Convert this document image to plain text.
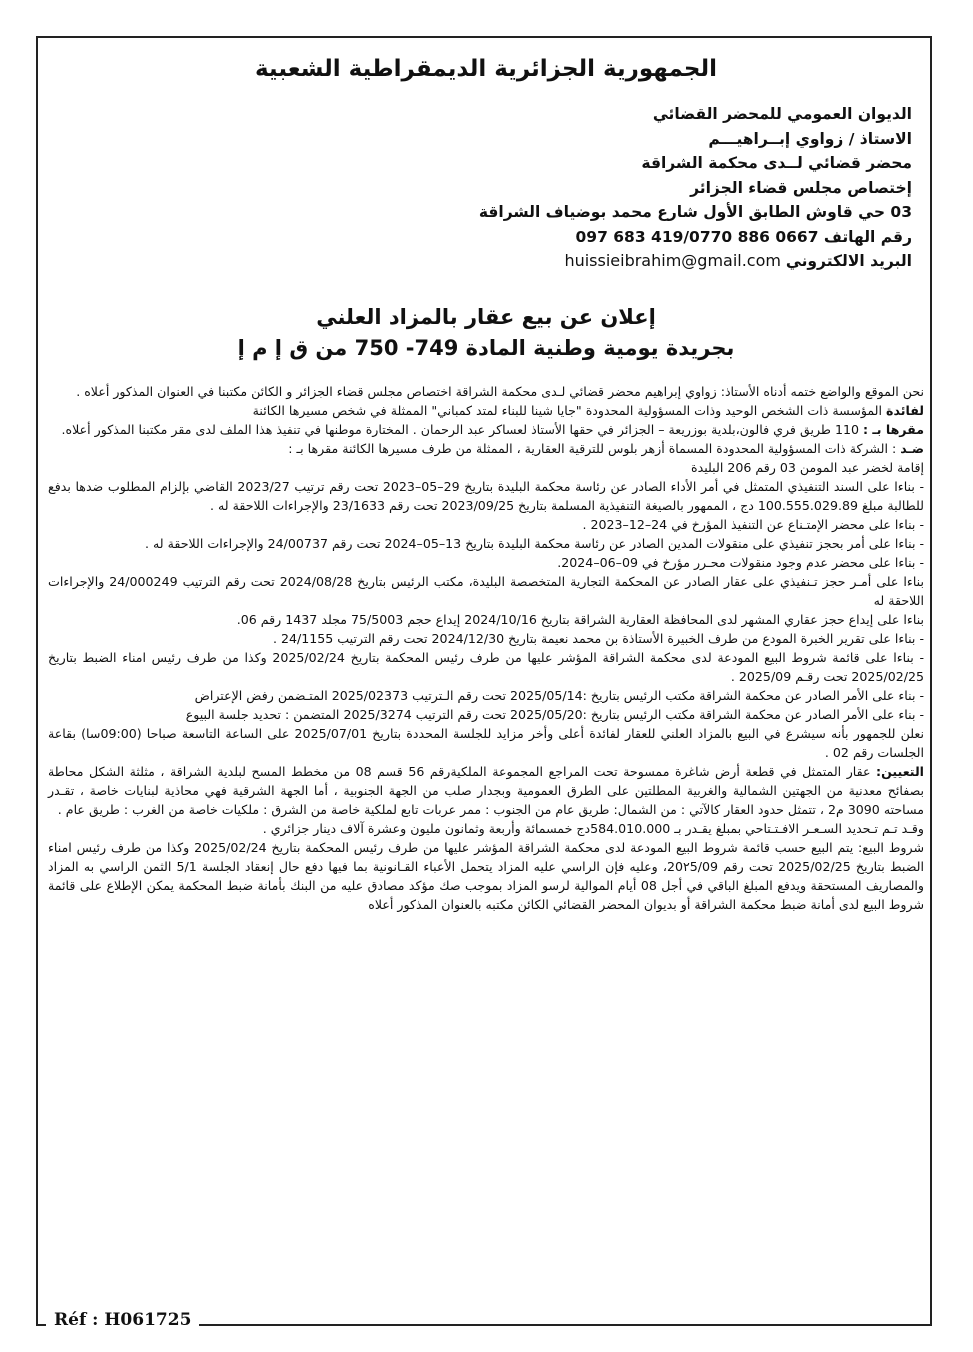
الجمهورية الجزائرية الديمقراطية الشعبية
الديوان العمومي للمحضر القضائي
الاستاذ / زواوي إبــراهيـــم
محضر قضائي لــدى محكمة الشراقة
إختصاص مجلس قضاء الجزائر
03 حي قاوش الطابق الأول شارع محمد بوضياف الشراقة
رقم الهاتف 0667 886 419/0770 683 097
البريد الالكتروني huissieibrahim@gmail.com
إعلان عن بيع عقار بالمزاد العلني
بجريدة يومية وطنية المادة 749- 750 من ق إ م إ

نحن الموقع والواضع ختمه أدناه الأستاذ: زواوي إبراهيم محضر قضائي لـدى محكمة الشراقة اختصاص مجلس قضاء الجزائر و الكائن مكتبنا في العنوان المذكور أعلاه .

لفائدة المؤسسة ذات الشخص الوحيد وذات المسؤولية المحدودة "جايا شينا للبناء لمتد كمباني" الممثلة في شخص مسيرها الكائنة

مقرها بـ : 110 طريق فري فالون،بلدية بوزريعة – الجزائر في حقها الأستاذ لعساكر عبد الرحمان . المختارة موطنها في تنفيذ هذا الملف لدى مقر مكتبنا المذكور أعلاه.

ضـد : الشركة ذات المسؤولية المحدودة المسماة أزهر بلوس للترقية العقارية ، الممثلة من طرف مسيرها الكائنة مقرها بـ :

إقامة لخضر عبد المومن 03 رقم 206 البليدة

- بناءا على السند التنفيذي المتمثل في أمر الأداء الصادر عن رئاسة محكمة البليدة بتاريخ 29–05–2023 تحت رقم ترتيب 2023/27 القاضي بإلزام المطلوب ضدها بدفع للطالبة مبلغ 100.555.029.89 دج ، الممهور بالصيغة التنفيذية المسلمة بتاريخ 2023/09/25 تحت رقم 23/1633 والإجراءات اللاحقة له .

- بناءا على محضر الإمتـناع عن التنفيذ المؤرخ في 24–12–2023 .

- بناءا على أمر بحجز تنفيذي على منقولات المدين الصادر عن رئاسة محكمة البليدة بتاريخ 13–05–2024 تحت رقم 24/00737 والإجراءات اللاحقة له .

- بناءا على محضر عدم وجود منقولات محـرر مؤرخ في 09–06–2024.

بناءا على أمـر حجز تـنفيذي على عقار الصادر عن المحكمة التجارية المتخصصة البليدة، مكتب الرئيس بتاريخ 2024/08/28 تحت رقم الترتيب 24/000249 والإجراءات اللاحقة له

بناءا على إيداع حجز عقاري المشهر لدى المحافظة العقارية الشراقة بتاريخ 2024/10/16 إيداع حجم 75/5003 مجلد 1437 رقم 06.

- بناءا على تقرير الخبرة المودع من طرف الخبيرة الأستاذة بن محمد نعيمة بتاريخ 2024/12/30 تحت رقم الترتيب 24/1155 .

- بناءا على قائمة شروط البيع المودعة لدى محكمة الشراقة المؤشر عليها من طرف رئيس المحكمة بتاريخ 2025/02/24 وكذا من طرف رئيس امناء الضبط بتاريخ 2025/02/25 تحت رقـم 2025/09 .

- بناء على الأمر الصادر عن محكمة الشراقة مكتب الرئيس بتاريخ :2025/05/14 تحت رقم الـترتيب 2025/02373 المتـضمن رفض الإعتراض

- بناء على الأمر الصادر عن محكمة الشراقة مكتب الرئيس بتاريخ :2025/05/20 تحت رقم الترتيب 2025/3274 المتضمن : تحديد جلسة البيوع

نعلن للجمهور بأنه سيشرع في البيع بالمزاد العلني للعقار لفائدة أعلى وأخر مزايد للجلسة المحددة بتاريخ 2025/07/01 على الساعة التاسعة صباحا (09:00سا) بقاعة الجلسات رقم 02 .

التعيين: عقار المتمثل في قطعة أرض شاغرة ممسوحة تحت المراجع المجموعة الملكيةرقم 56 قسم 08 من مخطط المسح لبلدية الشراقة ، مثلثة الشكل محاطة بصفائح معدنية من الجهتين الشمالية والغربية المطلتين على الطرق العمومية وبجدار صلب من الجهة الجنوبية ، أما الجهة الشرقية فهي محاذية لبنايات خاصة ، تقـدر مساحته 3090 م2 ، تتمثل حدود العقار كالآتي : من الشمال: طريق عام من الجنوب : ممر عربات تابع لملكية خاصة من الشرق : ملكيات خاصة من الغرب : طريق عام .

وقـد تـم تـحديد السـعـر الافـتـتاحي بمبلغ يقـدر بـ 584.010.000دج خمسمائة وأربعة وثمانون مليون وعشرة آلاف دينار جزائري .

شروط البيع: يتم البيع حسب قائمة شروط البيع المودعة لدى محكمة الشراقة المؤشر عليها من طرف رئيس المحكمة بتاريخ 2025/02/24 وكذا من طرف رئيس امناء الضبط بتاريخ 2025/02/25 تحت رقم 20٢5/09، وعليه فإن الراسي عليه المزاد يتحمل الأعباء القـانونية بما فيها دفع حال إنعقاد الجلسة 5/1 الثمن الراسي به المزاد والمصاريف المستحقة ويدفع المبلغ الباقي في أجل 08 أيام الموالية لرسو المزاد بموجب صك مؤكد مصادق عليه من البنك بأمانة ضبط المحكمة يمكن الإطلاع على قائمة شروط البيع لدى أمانة ضبط محكمة الشراقة أو بديوان المحضر القضائي الكائن مكتبه بالعنوان المذكور أعلاه

Réf : H061725
